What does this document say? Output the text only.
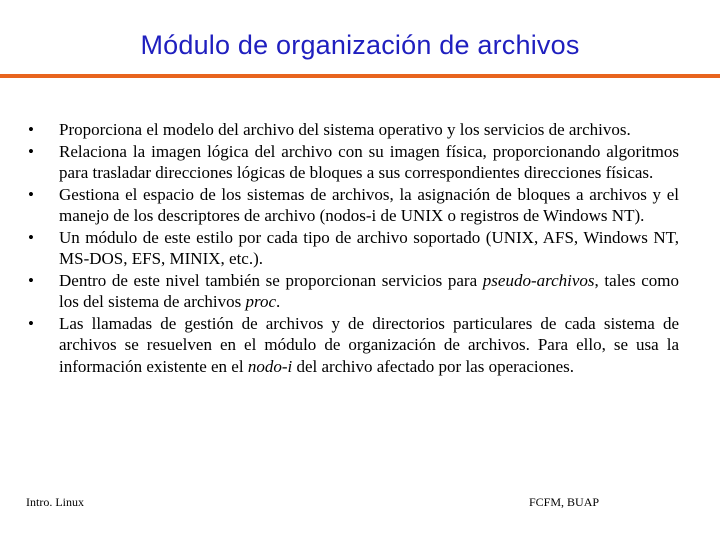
Módulo de organización de archivos
•	Proporciona el modelo del archivo del sistema operativo y los servicios de archivos.
•	Relaciona la imagen lógica del archivo con su imagen física, proporcionando algoritmos para trasladar direcciones lógicas de bloques a sus correspondientes direcciones físicas.
•	Gestiona el espacio de los sistemas de archivos, la asignación de bloques a archivos y el manejo de los descriptores de archivo (nodos-i de UNIX o registros de Windows NT).
•	Un módulo de este estilo por cada tipo de archivo soportado (UNIX, AFS, Windows NT, MS-DOS, EFS, MINIX, etc.).
•	Dentro de este nivel también se proporcionan servicios para pseudo-archivos, tales como los del sistema de archivos proc.
•	Las llamadas de gestión de archivos y de directorios particulares de cada sistema de archivos se resuelven en el módulo de organización de archivos. Para ello, se usa la información existente en el nodo-i del archivo afectado por las operaciones.
Intro. Linux	FCFM, BUAP
